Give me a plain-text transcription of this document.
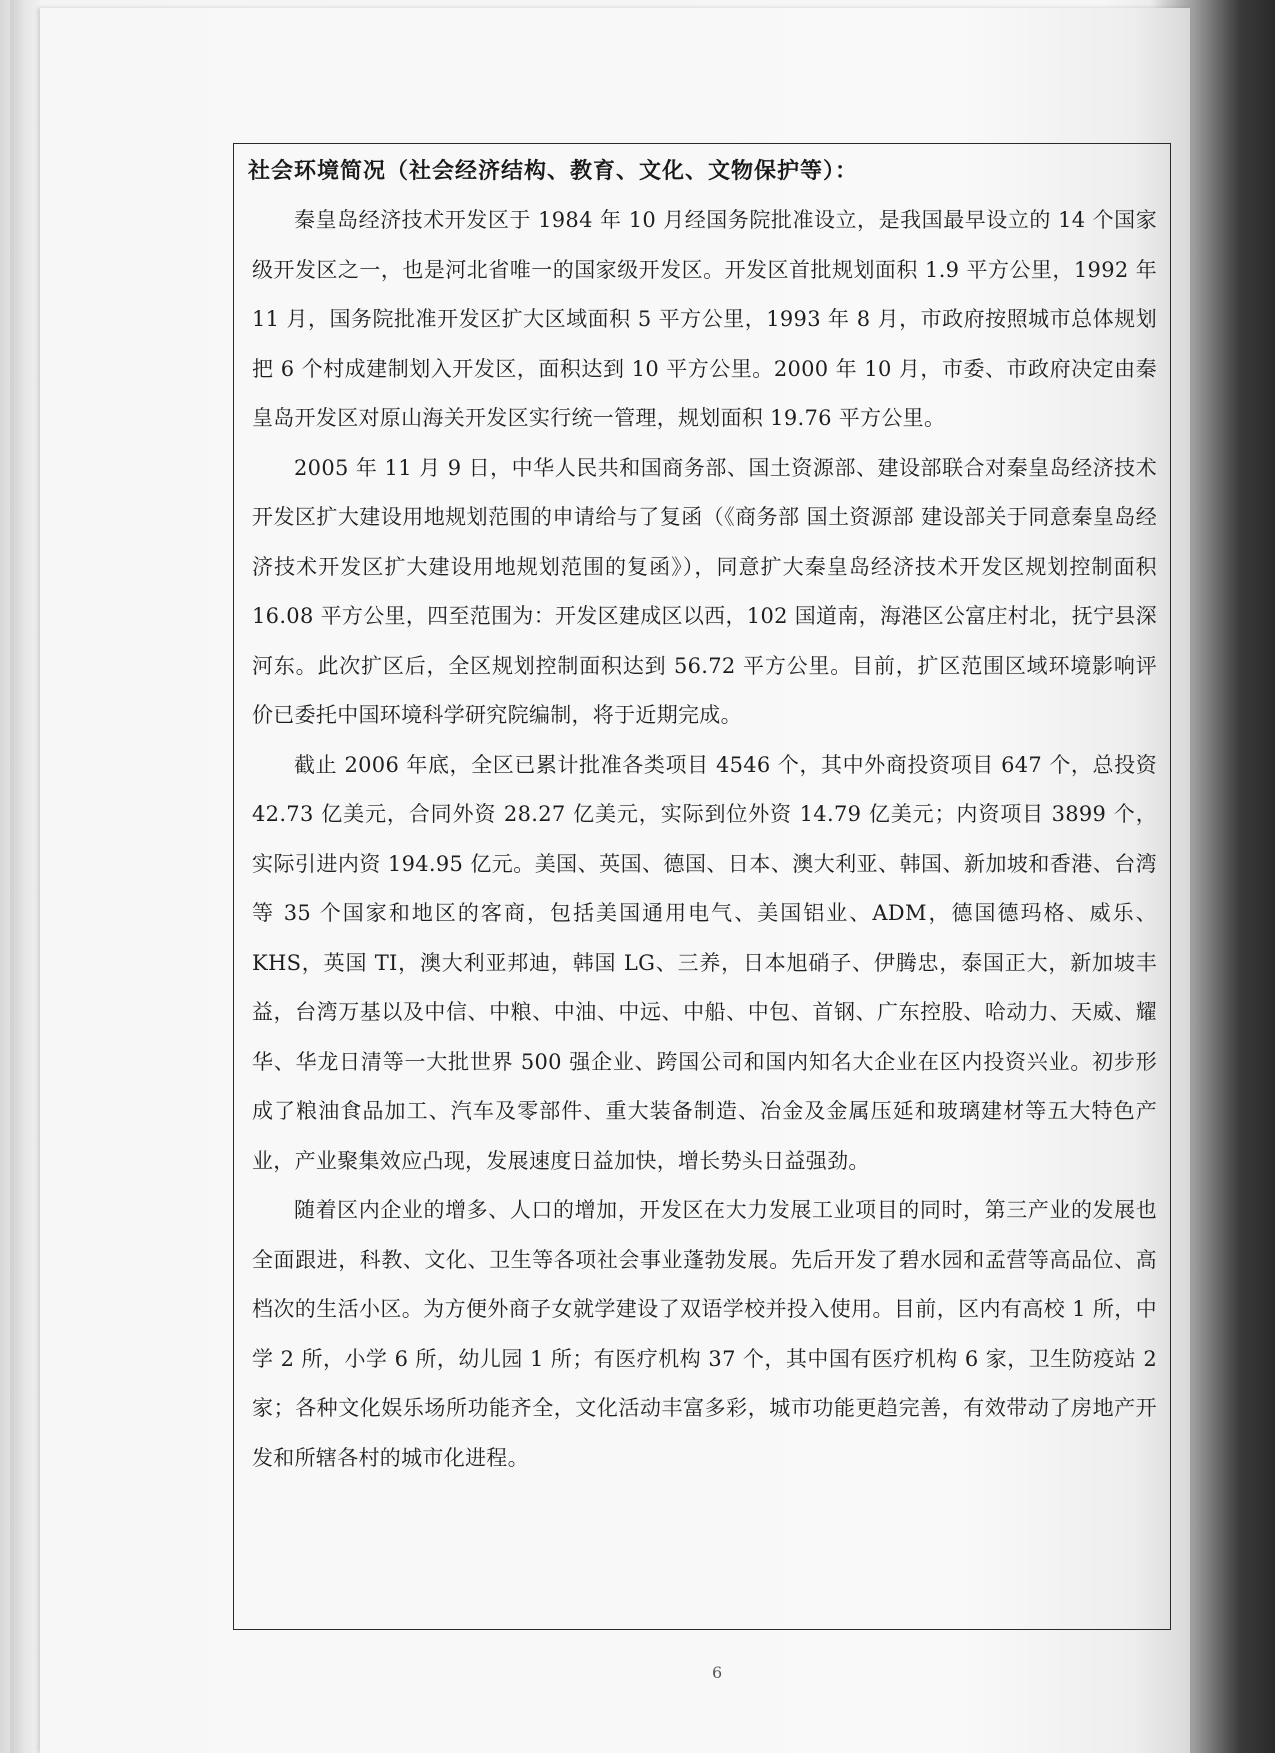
社会环境简况（社会经济结构、教育、文化、文物保护等）：

秦皇岛经济技术开发区于 1984 年 10 月经国务院批准设立，是我国最早设立的 14 个国家级开发区之一，也是河北省唯一的国家级开发区。开发区首批规划面积 1.9 平方公里，1992 年 11 月，国务院批准开发区扩大区域面积 5 平方公里，1993 年 8 月，市政府按照城市总体规划把 6 个村成建制划入开发区，面积达到 10 平方公里。2000 年 10 月，市委、市政府决定由秦皇岛开发区对原山海关开发区实行统一管理，规划面积 19.76 平方公里。

2005 年 11 月 9 日，中华人民共和国商务部、国土资源部、建设部联合对秦皇岛经济技术开发区扩大建设用地规划范围的申请给与了复函（《商务部 国土资源部 建设部关于同意秦皇岛经济技术开发区扩大建设用地规划范围的复函》），同意扩大秦皇岛经济技术开发区规划控制面积 16.08 平方公里，四至范围为：开发区建成区以西，102 国道南，海港区公富庄村北，抚宁县深河东。此次扩区后，全区规划控制面积达到 56.72 平方公里。目前，扩区范围区域环境影响评价已委托中国环境科学研究院编制，将于近期完成。

截止 2006 年底，全区已累计批准各类项目 4546 个，其中外商投资项目 647 个，总投资 42.73 亿美元，合同外资 28.27 亿美元，实际到位外资 14.79 亿美元；内资项目 3899 个，实际引进内资 194.95 亿元。美国、英国、德国、日本、澳大利亚、韩国、新加坡和香港、台湾等 35 个国家和地区的客商，包括美国通用电气、美国铝业、ADM，德国德玛格、威乐、KHS，英国 TI，澳大利亚邦迪，韩国 LG、三养，日本旭硝子、伊腾忠，泰国正大，新加坡丰益，台湾万基以及中信、中粮、中油、中远、中船、中包、首钢、广东控股、哈动力、天威、耀华、华龙日清等一大批世界 500 强企业、跨国公司和国内知名大企业在区内投资兴业。初步形成了粮油食品加工、汽车及零部件、重大装备制造、冶金及金属压延和玻璃建材等五大特色产业，产业聚集效应凸现，发展速度日益加快，增长势头日益强劲。

随着区内企业的增多、人口的增加，开发区在大力发展工业项目的同时，第三产业的发展也全面跟进，科教、文化、卫生等各项社会事业蓬勃发展。先后开发了碧水园和孟营等高品位、高档次的生活小区。为方便外商子女就学建设了双语学校并投入使用。目前，区内有高校 1 所，中学 2 所，小学 6 所，幼儿园 1 所；有医疗机构 37 个，其中国有医疗机构 6 家，卫生防疫站 2 家；各种文化娱乐场所功能齐全，文化活动丰富多彩，城市功能更趋完善，有效带动了房地产开发和所辖各村的城市化进程。

6
